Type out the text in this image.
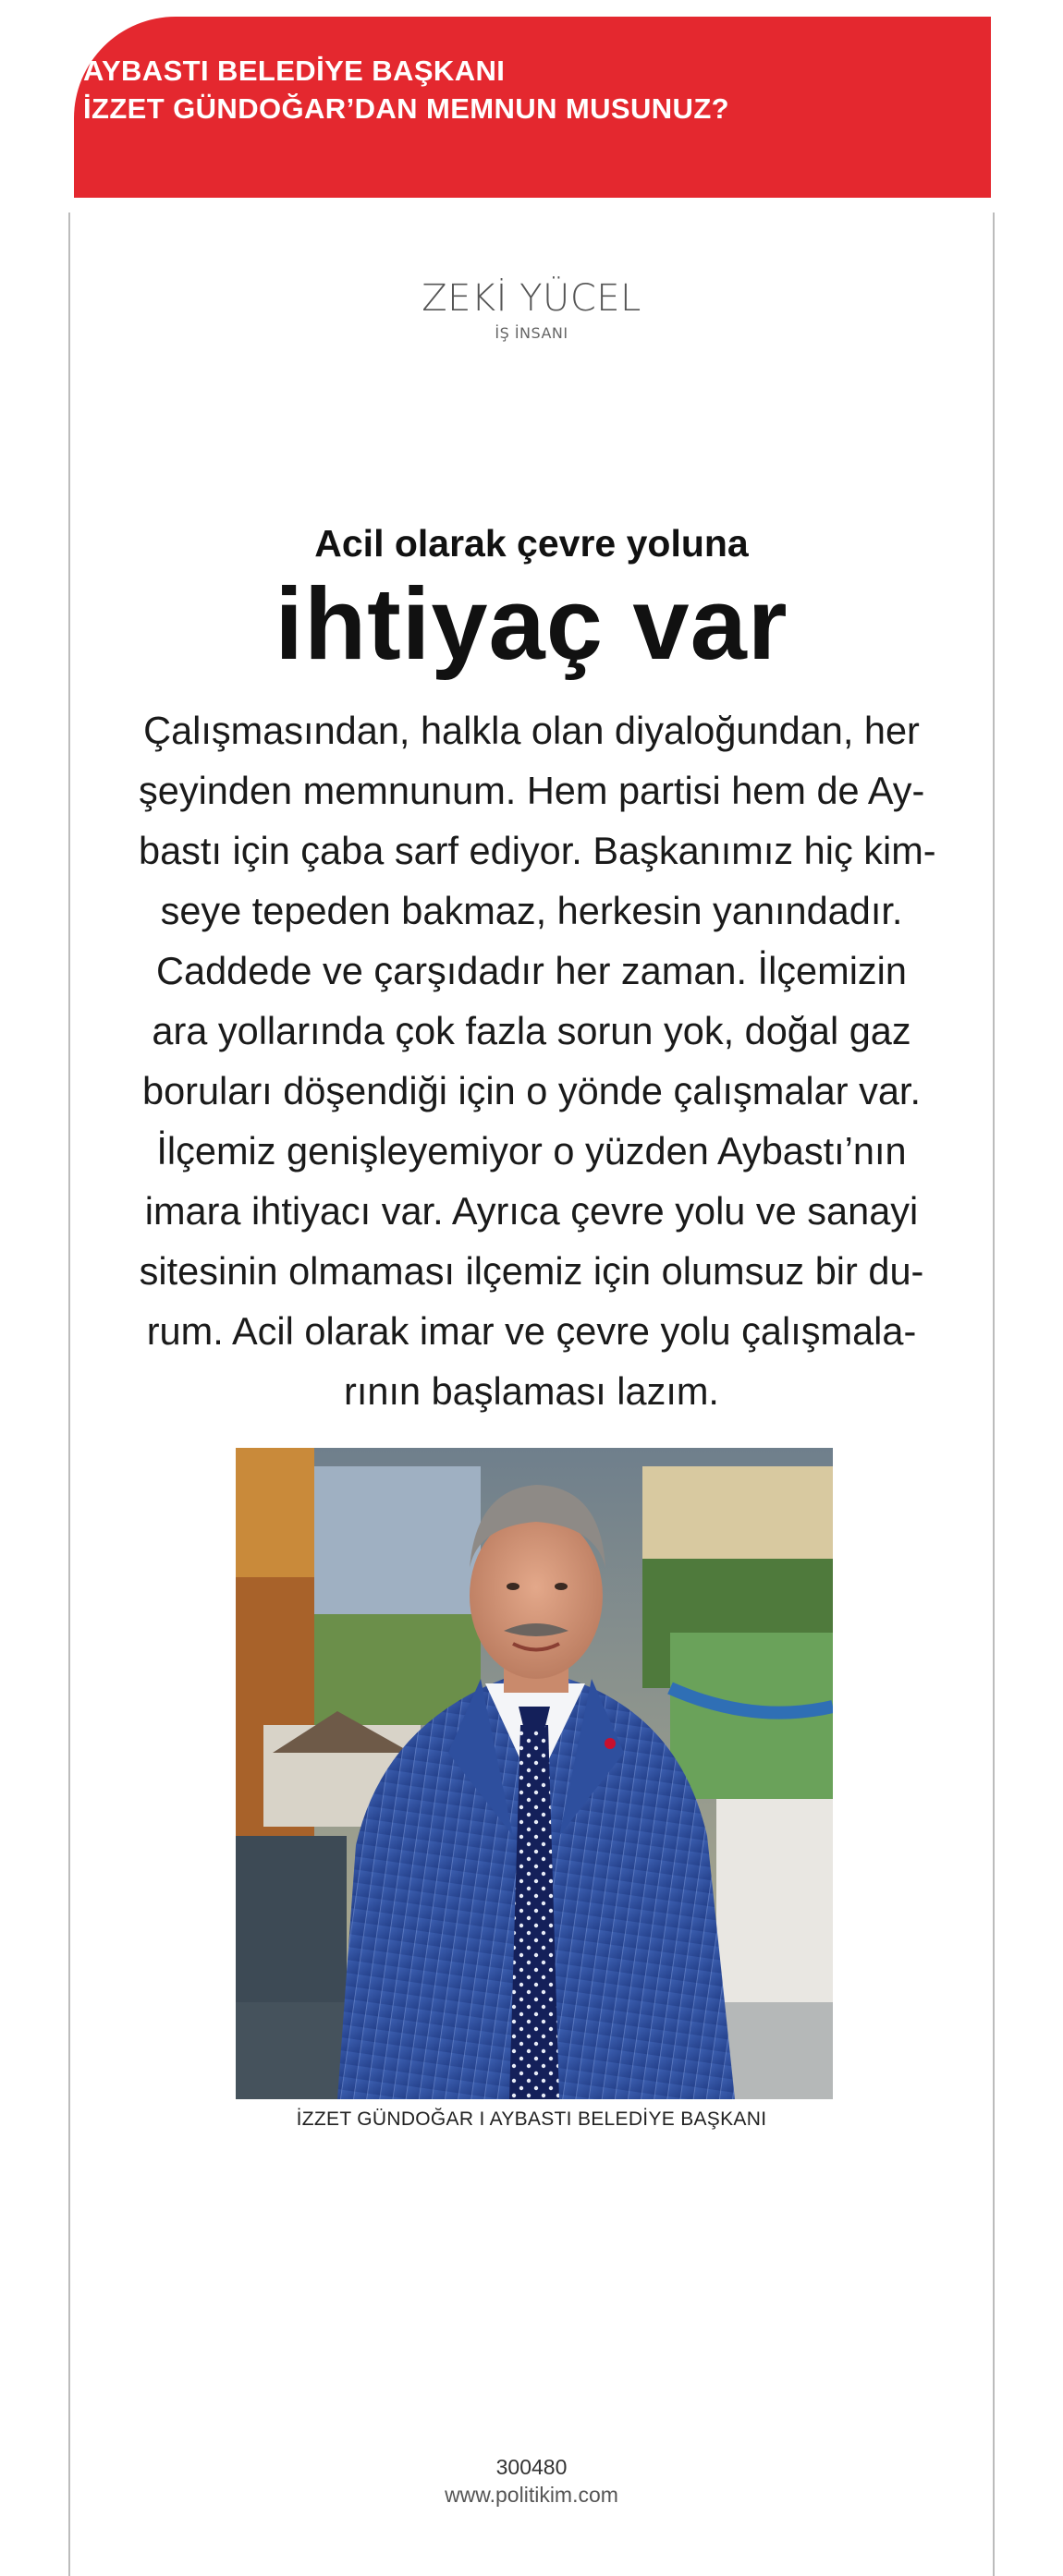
AYBASTI BELEDİYE BAŞKANI
İZZET GÜNDOĞAR’DAN MEMNUN MUSUNUZ?
ZEKİ YÜCEL
İŞ İNSANI
Acil olarak çevre yoluna
ihtiyaç var
Çalışmasından, halkla olan diyaloğundan, her
şeyinden memnunum. Hem partisi hem de Ay-
bastı için çaba sarf ediyor. Başkanımız hiç kim-
seye tepeden bakmaz, herkesin yanındadır.
Caddede ve çarşıdadır her zaman. İlçemizin
ara yollarında çok fazla sorun yok, doğal gaz
boruları döşendiği için o yönde çalışmalar var.
İlçemiz genişleyemiyor o yüzden Aybastı’nın
imara ihtiyacı var. Ayrıca çevre yolu ve sanayi
sitesinin olmaması ilçemiz için olumsuz bir du-
rum. Acil olarak imar ve çevre yolu çalışmala-
rının başlaması lazım.
İZZET GÜNDOĞAR I AYBASTI BELEDİYE BAŞKANI
300480
www.politikim.com
